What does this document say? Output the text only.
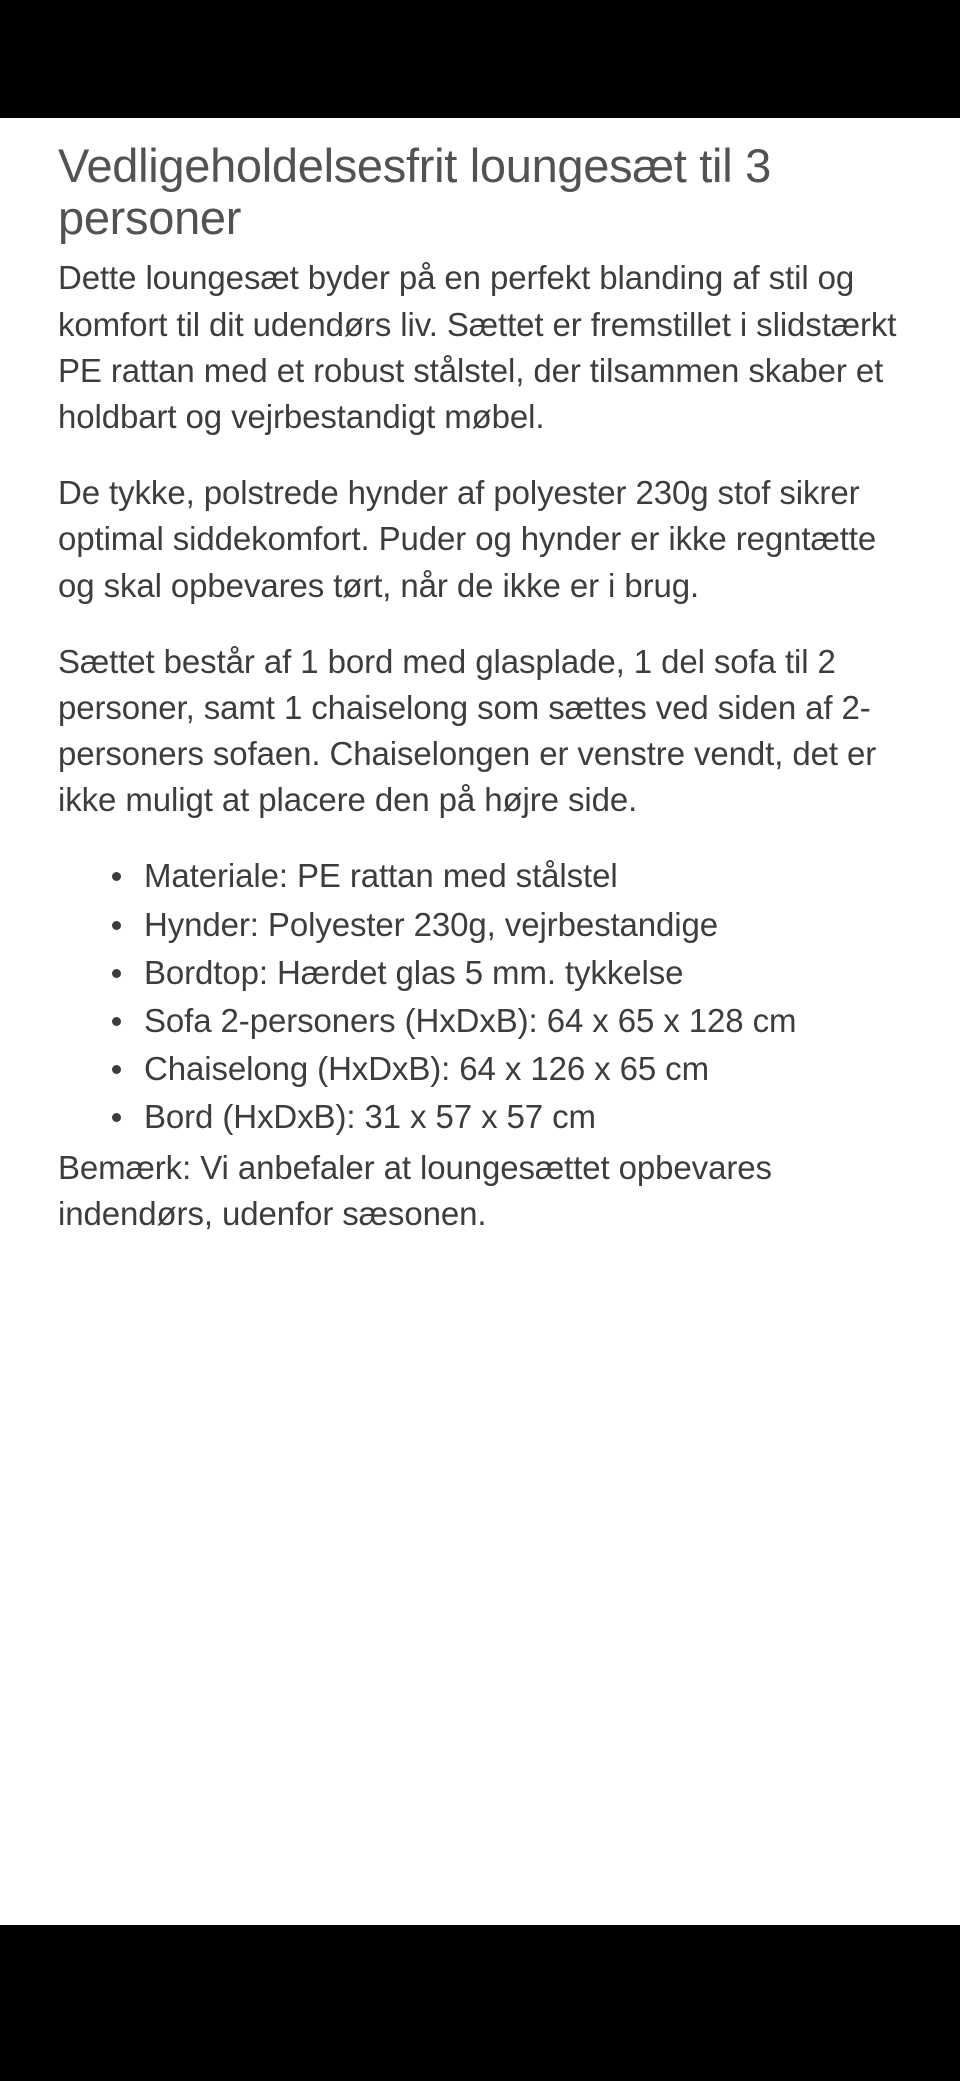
Vedligeholdelsesfrit loungesæt til 3 personer

Dette loungesæt byder på en perfekt blanding af stil og komfort til dit udendørs liv. Sættet er fremstillet i slidstærkt PE rattan med et robust stålstel, der tilsammen skaber et holdbart og vejrbestandigt møbel.

De tykke, polstrede hynder af polyester 230g stof sikrer optimal siddekomfort. Puder og hynder er ikke regntætte og skal opbevares tørt, når de ikke er i brug.

Sættet består af 1 bord med glasplade, 1 del sofa til 2 personer, samt 1 chaiselong som sættes ved siden af 2-personers sofaen. Chaiselongen er venstre vendt, det er ikke muligt at placere den på højre side.

Materiale: PE rattan med stålstel
Hynder: Polyester 230g, vejrbestandige
Bordtop: Hærdet glas 5 mm. tykkelse
Sofa 2-personers (HxDxB): 64 x 65 x 128 cm
Chaiselong (HxDxB): 64 x 126 x 65 cm
Bord (HxDxB): 31 x 57 x 57 cm

Bemærk: Vi anbefaler at loungesættet opbevares indendørs, udenfor sæsonen.
